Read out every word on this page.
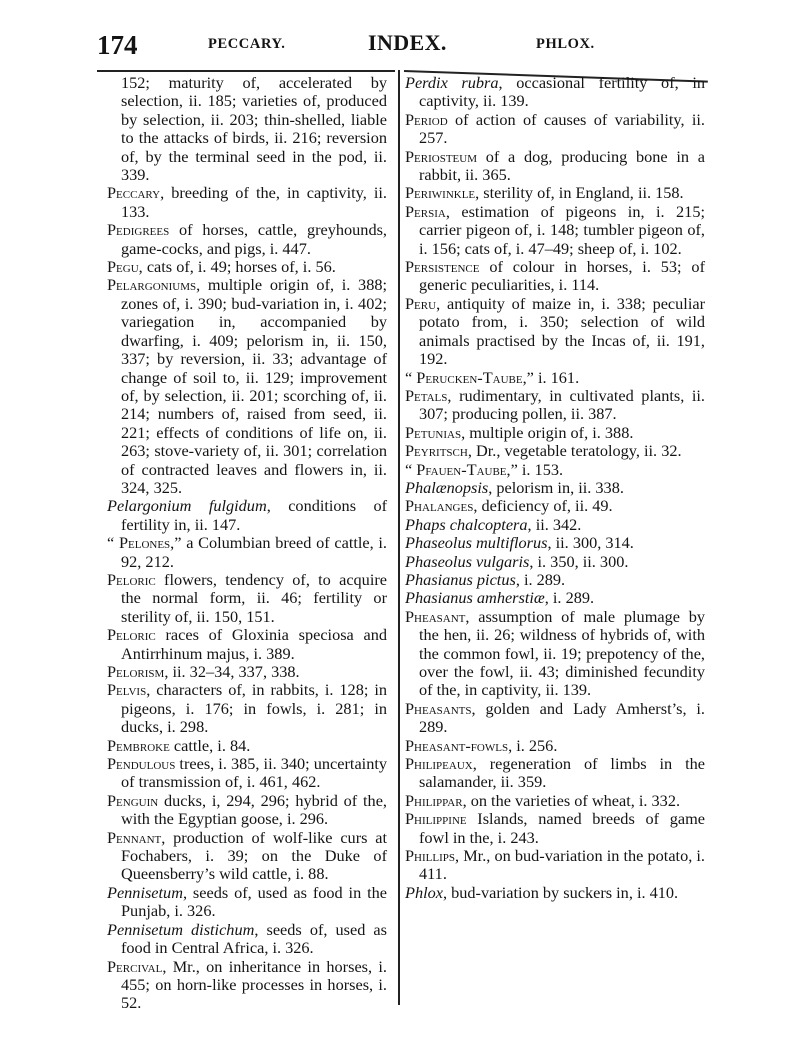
174	PECCARY.	INDEX.	PHLOX.

152; maturity of, accelerated by selection, ii. 185; varieties of, produced by selection, ii. 203; thin-shelled, liable to the attacks of birds, ii. 216; reversion of, by the terminal seed in the pod, ii. 339.

Peccary, breeding of the, in captivity, ii. 133.

Pedigrees of horses, cattle, greyhounds, game-cocks, and pigs, i. 447.

Pegu, cats of, i. 49; horses of, i. 56.

Pelargoniums, multiple origin of, i. 388; zones of, i. 390; bud-variation in, i. 402; variegation in, accompanied by dwarfing, i. 409; pelorism in, ii. 150, 337; by reversion, ii. 33; advantage of change of soil to, ii. 129; improvement of, by selection, ii. 201; scorching of, ii. 214; numbers of, raised from seed, ii. 221; effects of conditions of life on, ii. 263; stove-variety of, ii. 301; correlation of contracted leaves and flowers in, ii. 324, 325.

Pelargonium fulgidum, conditions of fertility in, ii. 147.

“ Pelones,” a Columbian breed of cattle, i. 92, 212.

Peloric flowers, tendency of, to acquire the normal form, ii. 46; fertility or sterility of, ii. 150, 151.

Peloric races of Gloxinia speciosa and Antirrhinum majus, i. 389.

Pelorism, ii. 32–34, 337, 338.

Pelvis, characters of, in rabbits, i. 128; in pigeons, i. 176; in fowls, i. 281; in ducks, i. 298.

Pembroke cattle, i. 84.

Pendulous trees, i. 385, ii. 340; uncertainty of transmission of, i. 461, 462.

Penguin ducks, i, 294, 296; hybrid of the, with the Egyptian goose, i. 296.

Pennant, production of wolf-like curs at Fochabers, i. 39; on the Duke of Queensberry’s wild cattle, i. 88.

Pennisetum, seeds of, used as food in the Punjab, i. 326.

Pennisetum distichum, seeds of, used as food in Central Africa, i. 326.

Percival, Mr., on inheritance in horses, i. 455; on horn-like processes in horses, i. 52.

Perdix rubra, occasional fertility of, in captivity, ii. 139.

Period of action of causes of variability, ii. 257.

Periosteum of a dog, producing bone in a rabbit, ii. 365.

Periwinkle, sterility of, in England, ii. 158.

Persia, estimation of pigeons in, i. 215; carrier pigeon of, i. 148; tumbler pigeon of, i. 156; cats of, i. 47–49; sheep of, i. 102.

Persistence of colour in horses, i. 53; of generic peculiarities, i. 114.

Peru, antiquity of maize in, i. 338; peculiar potato from, i. 350; selection of wild animals practised by the Incas of, ii. 191, 192.

“ Perucken-Taube,” i. 161.

Petals, rudimentary, in cultivated plants, ii. 307; producing pollen, ii. 387.

Petunias, multiple origin of, i. 388.

Peyritsch, Dr., vegetable teratology, ii. 32.

“ Pfauen-Taube,” i. 153.

Phalænopsis, pelorism in, ii. 338.

Phalanges, deficiency of, ii. 49.

Phaps chalcoptera, ii. 342.

Phaseolus multiflorus, ii. 300, 314.

Phaseolus vulgaris, i. 350, ii. 300.

Phasianus pictus, i. 289.

Phasianus amherstiæ, i. 289.

Pheasant, assumption of male plumage by the hen, ii. 26; wildness of hybrids of, with the common fowl, ii. 19; prepotency of the, over the fowl, ii. 43; diminished fecundity of the, in captivity, ii. 139.

Pheasants, golden and Lady Amherst’s, i. 289.

Pheasant-fowls, i. 256.

Philipeaux, regeneration of limbs in the salamander, ii. 359.

Philippar, on the varieties of wheat, i. 332.

Philippine Islands, named breeds of game fowl in the, i. 243.

Phillips, Mr., on bud-variation in the potato, i. 411.

Phlox, bud-variation by suckers in, i. 410.
